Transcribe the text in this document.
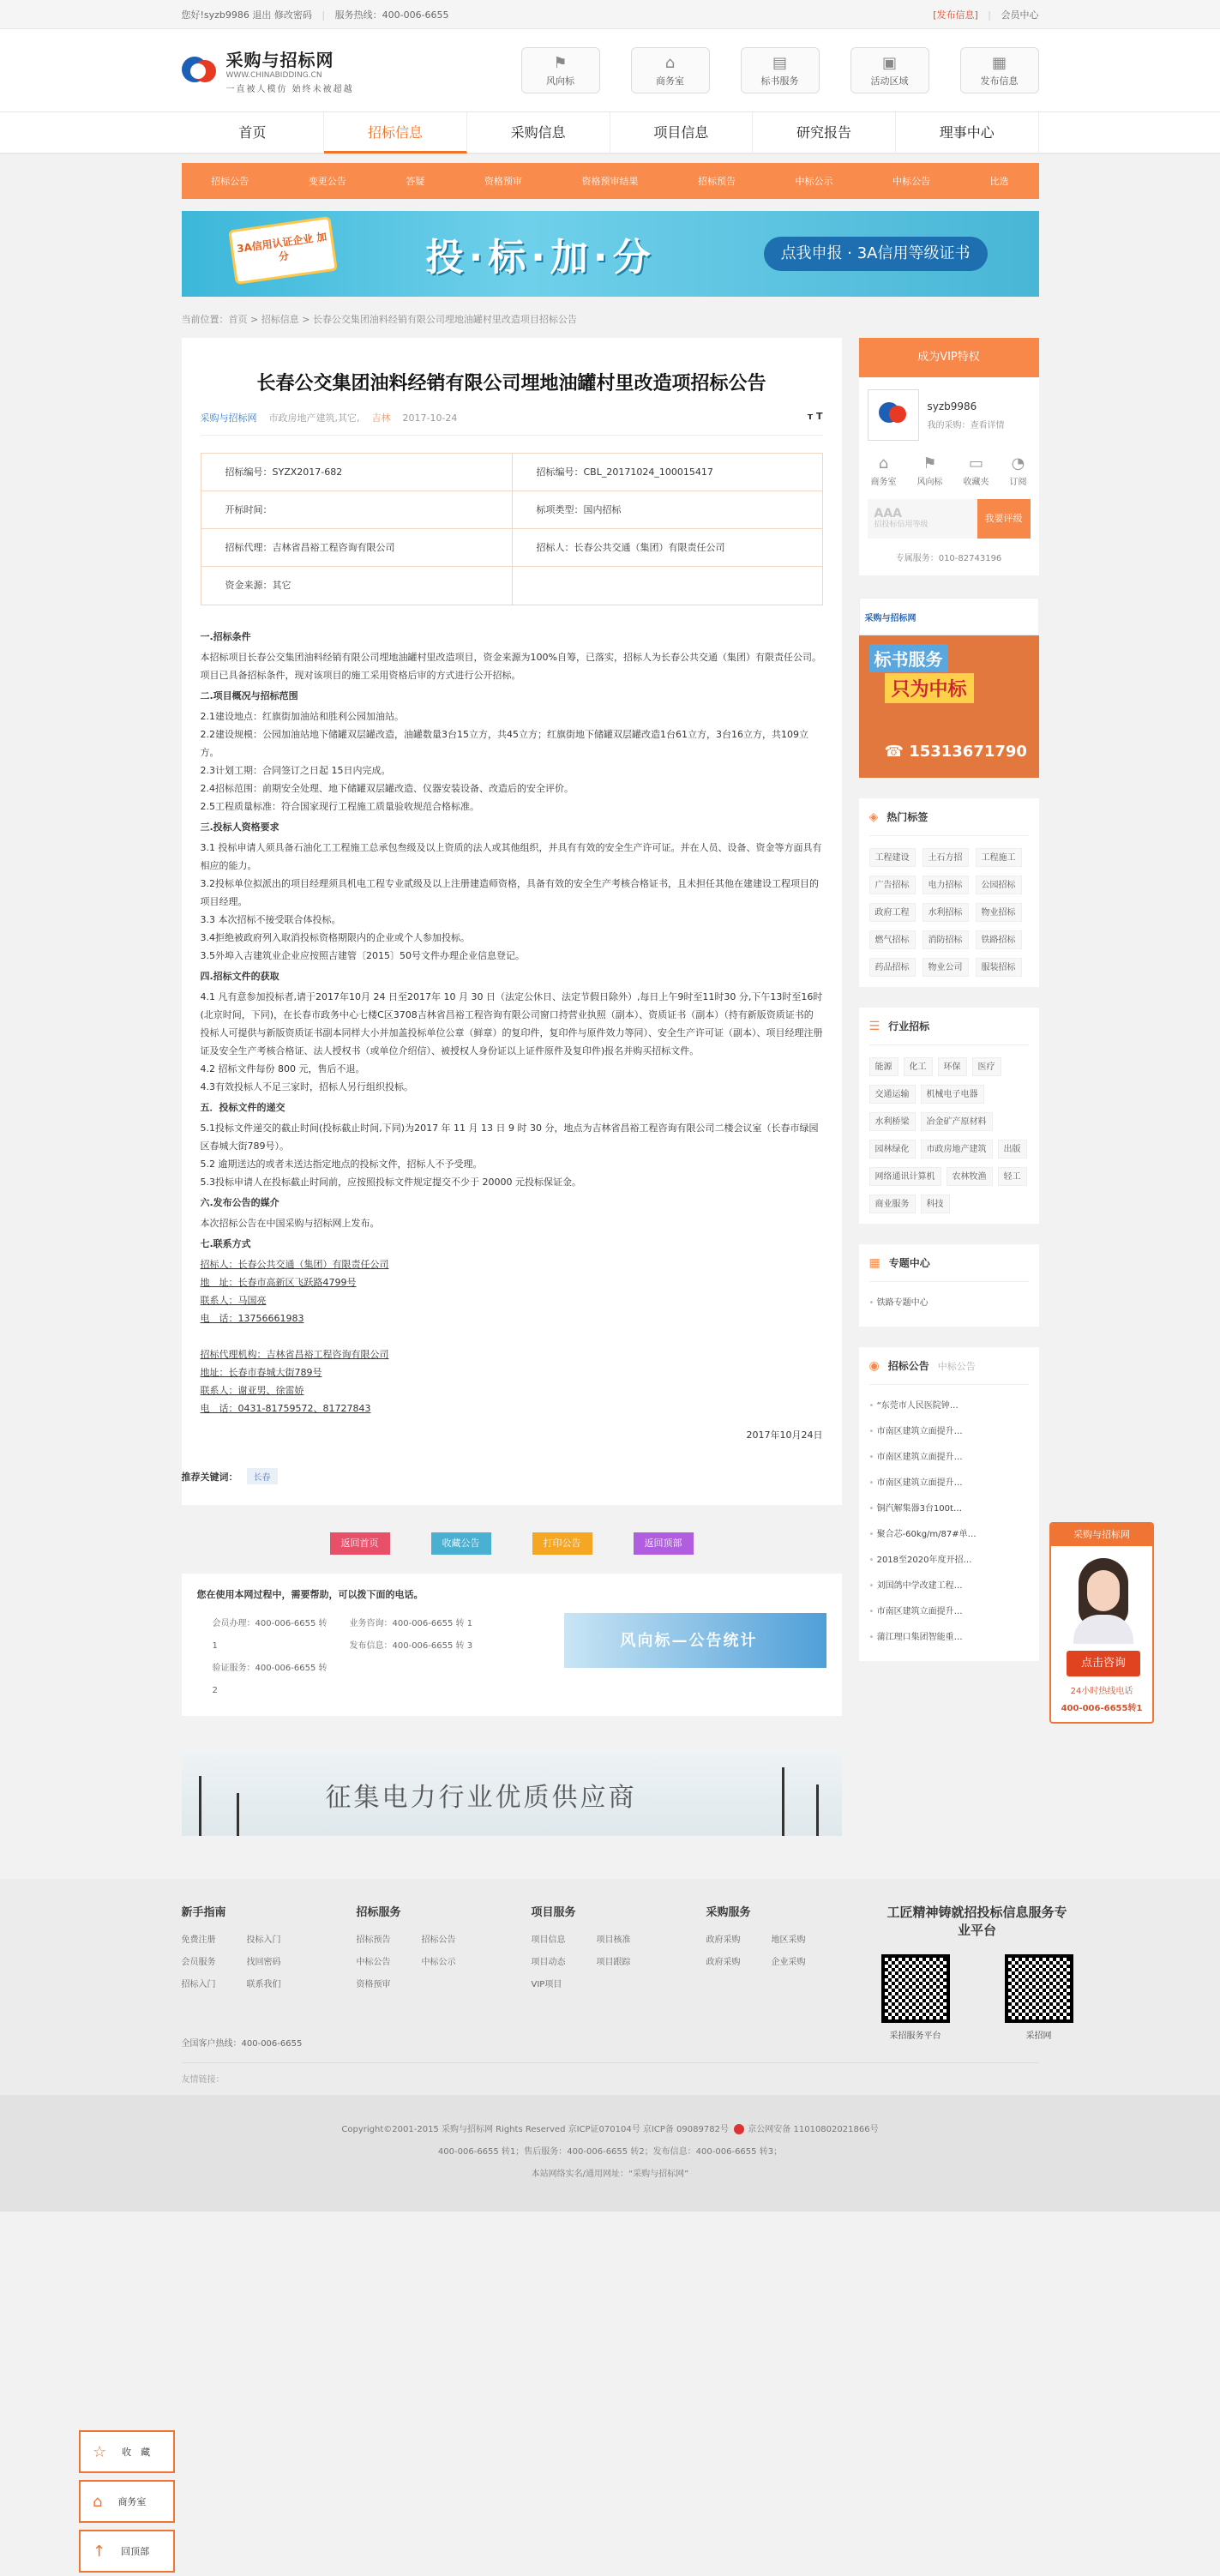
您好!syzb9986 退出 修改密码 | 服务热线：400-006-6655	[发布信息] | 会员中心
采购与招标网
WWW.CHINABIDDING.CN
一直被人模仿 始终未被超越
⚑
风向标
⌂
商务室
▤
标书服务
▣
活动区域
▦
发布信息
首页	招标信息	采购信息	项目信息	研究报告	理事中心
招标公告	变更公告	答疑	资格预审	资格预审结果	招标预告	中标公示	中标公告	比选
3A信用认证企业 加分	投·标·加·分	点我申报 · 3A信用等级证书
当前位置：首页 > 招标信息 > 长春公交集团油料经销有限公司埋地油罐村里改造项目招标公告
长春公交集团油料经销有限公司埋地油罐村里改造项招标公告
采购与招标网 市政房地产建筑,其它, 吉林 2017-10-24	ᴛ T
招标编号：SYZX2017-682	招标编号：CBL_20171024_100015417
开标时间：	标项类型：国内招标
招标代理：吉林省昌裕工程咨询有限公司	招标人：长春公共交通（集团）有限责任公司
资金来源：其它
一.招标条件

本招标项目长春公交集团油料经销有限公司埋地油罐村里改造项目，资金来源为100%自筹，已落实，招标人为长春公共交通（集团）有限责任公司。项目已具备招标条件，现对该项目的施工采用资格后审的方式进行公开招标。

二.项目概况与招标范围

2.1建设地点：红旗街加油站和胜利公园加油站。

2.2建设规模：公园加油站地下储罐双层罐改造，油罐数量3台15立方，共45立方；红旗街地下储罐双层罐改造1台61立方，3台16立方，共109立方。

2.3计划工期：合同签订之日起 15日内完成。

2.4招标范围：前期安全处理、地下储罐双层罐改造、仪器安装设备、改造后的安全评价。

2.5工程质量标准：符合国家现行工程施工质量验收规范合格标准。

三.投标人资格要求

3.1 投标申请人须具备石油化工工程施工总承包叁级及以上资质的法人或其他组织，并具有有效的安全生产许可证。并在人员、设备、资金等方面具有相应的能力。

3.2投标单位拟派出的项目经理须具机电工程专业贰级及以上注册建造师资格，具备有效的安全生产考核合格证书，且未担任其他在建建设工程项目的项目经理。

3.3 本次招标不接受联合体投标。

3.4拒绝被政府列入取消投标资格期限内的企业或个人参加投标。

3.5外埠入吉建筑业企业应按照吉建管〔2015〕50号文件办理企业信息登记。

四.招标文件的获取

4.1 凡有意参加投标者,请于2017年10月 24 日至2017年 10 月 30 日（法定公休日、法定节假日除外）,每日上午9时至11时30 分,下午13时至16时(北京时间，下同)，在长春市政务中心七楼C区3708吉林省昌裕工程咨询有限公司窗口持营业执照（副本）、资质证书（副本）（持有新版资质证书的投标人可提供与新版资质证书副本同样大小并加盖投标单位公章（鲜章）的复印件，复印件与原件效力等同）、安全生产许可证（副本）、项目经理注册证及安全生产考核合格证、法人授权书（或单位介绍信）、被授权人身份证以上证件原件及复印件)报名并购买招标文件。

4.2 招标文件每份 800 元，售后不退。

4.3有效投标人不足三家时，招标人另行组织投标。

五．投标文件的递交

5.1投标文件递交的截止时间(投标截止时间,下同)为2017 年 11 月 13 日 9 时 30 分，地点为吉林省昌裕工程咨询有限公司二楼会议室（长春市绿园区春城大街789号）。

5.2 逾期送达的或者未送达指定地点的投标文件，招标人不予受理。

5.3投标申请人在投标截止时间前，应按照投标文件规定提交不少于 20000 元投标保证金。

六.发布公告的媒介

本次招标公告在中国采购与招标网上发布。

七.联系方式

招标人：长春公共交通（集团）有限责任公司

地　址：长春市高新区飞跃路4799号

联系人：马国亮

电　话：13756661983

招标代理机构：吉林省昌裕工程咨询有限公司

地址：长春市春城大街789号

联系人：谢亚男、徐雷娇

电　话：0431-81759572、81727843

2017年10月24日

推荐关键词：	长春
返回首页	收藏公告	打印公告	返回顶部
您在使用本网过程中，需要帮助，可以拨下面的电话。
会员办理：400-006-6655 转 1
验证服务：400-006-6655 转 2
业务咨询：400-006-6655 转 1
发布信息：400-006-6655 转 3	风向标—公告统计
征集电力行业优质供应商
成为VIP特权
syzb9986
我的采购：查看详情
⌂
商务室
⚑
风向标
▭
收藏夹
◔
订阅
AAA
招投标信用等级
我要评级
专属服务：010-82743196
采购与招标网
标书服务
只为中标
☎ 15313671790
◈ 热门标签
工程建设	土石方招	工程施工
广告招标	电力招标	公园招标
政府工程	水利招标	物业招标
燃气招标	消防招标	铁路招标
药品招标	物业公司	服装招标
☰ 行业招标
能源	化工	环保	医疗
交通运输	机械电子电器
水利桥梁	冶金矿产原材料
园林绿化	市政房地产建筑	出版
网络通讯计算机	农林牧渔	轻工
商业服务	科技
▦ 专题中心
• 铁路专题中心
◉ 招标公告 中标公告
• “东莞市人民医院钟…
• 市南区建筑立面提升…
• 市南区建筑立面提升…
• 市南区建筑立面提升…
• 铜汽解集器3台100t…
• 聚合芯-60kg/m/87#单…
• 2018至2020年度开招…
• 刘国鸽中学改建工程…
• 市南区建筑立面提升…
• 蒲江理口集团智能重…
采购与招标网
点击咨询
24小时热线电话
400-006-6655转1
新手指南
免费注册	投标入门
会员服务	找回密码
招标入门	联系我们
招标服务
招标预告	招标公告
中标公告	中标公示
资格预审
项目服务
项目信息	项目核准
项目动态	项目跟踪
VIP项目
采购服务
政府采购	地区采购
政府采购	企业采购
工匠精神铸就招投标信息服务专业平台
采招服务平台	采招网
全国客户热线：400-006-6655
友情链接：
Copyright©2001-2015 采购与招标网 Rights Reserved 京ICP证070104号 京ICP备 09089782号 京公网安备 11010802021866号
400-006-6655 转1；售后服务：400-006-6655 转2；发布信息：400-006-6655 转3；
本站网络实名/通用网址：“采购与招标网”
☆ 收　藏
⌂ 商务室
↑ 回顶部
